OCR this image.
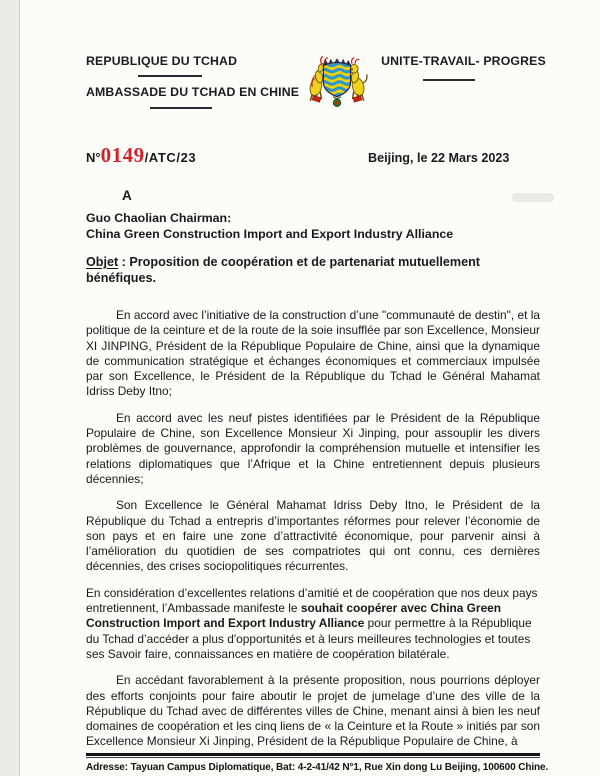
REPUBLIQUE DU TCHAD
AMBASSADE DU TCHAD EN CHINE
UNITE-TRAVAIL- PROGRES
N°0149/ATC/23	Beijing, le 22 Mars 2023
A
Guo Chaolian Chairman:
China Green Construction Import and Export Industry Alliance
Objet : Proposition de coopération et de partenariat mutuellement bénéfiques.

En accord avec l’initiative de la construction d’une "communauté de destin", et la politique de la ceinture et de la route de la soie insufflée par son Excellence, Monsieur XI JINPING, Président de la République Populaire de Chine, ainsi que la dynamique de communication stratégique et échanges économiques et commerciaux impulsée par son Excellence, le Président de la République du Tchad le Général Mahamat Idriss Deby Itno;

En accord avec les neuf pistes identifiées par le Président de la République Populaire de Chine, son Excellence Monsieur Xi Jinping, pour assouplir les divers problèmes de gouvernance, approfondir la compréhension mutuelle et intensifier les relations diplomatiques que l’Afrique et la Chine entretiennent depuis plusieurs décennies;

Son Excellence le Général Mahamat Idriss Deby Itno, le Président de la République du Tchad a entrepris d’importantes réformes pour relever l’économie de son pays et en faire une zone d’attractivité économique, pour parvenir ainsi à l’amélioration du quotidien de ses compatriotes qui ont connu, ces dernières décennies, des crises sociopolitiques récurrentes.

En considération d’excellentes relations d’amitié et de coopération que nos deux pays entretiennent, l’Ambassade manifeste le souhait coopérer avec China Green Construction Import and Export Industry Alliance pour permettre à la République du Tchad d’accéder a plus d'opportunités et à leurs meilleures technologies et toutes ses Savoir faire, connaissances en matière de coopération bilatérale.

En accédant favorablement à la présente proposition, nous pourrions déployer des efforts conjoints pour faire aboutir le projet de jumelage d’une des ville de la République du Tchad avec de différentes villes de Chine, menant ainsi à bien les neuf domaines de coopération et les cinq liens de « la Ceinture et la Route » initiés par son Excellence Monsieur Xi Jinping, Président de la République Populaire de Chine, à

Adresse: Tayuan Campus Diplomatique, Bat: 4-2-41/42 N°1, Rue Xin dong Lu Beijing, 100600 Chine.
